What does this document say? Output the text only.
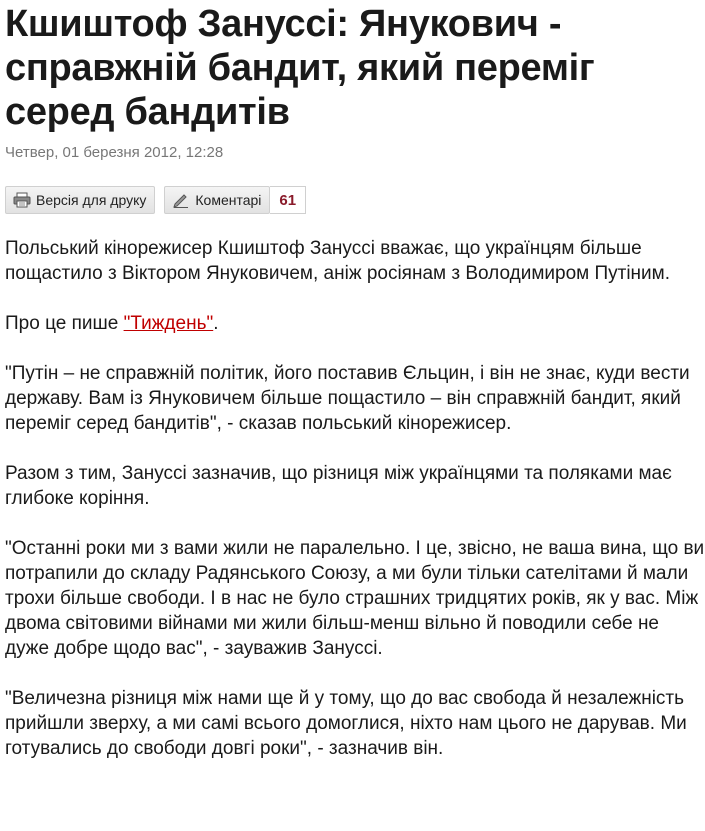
Кшиштоф Зануссі: Янукович - справжній бандит, який переміг серед бандитів
Четвер, 01 березня 2012, 12:28
Версія для друку	Коментарі	61

Польський кінорежисер Кшиштоф Зануссі вважає, що українцям більше пощастило з Віктором Януковичем, аніж росіянам з Володимиром Путіним.

Про це пише "Тиждень".

"Путін – не справжній політик, його поставив Єльцин, і він не знає, куди вести державу. Вам із Януковичем більше пощастило – він справжній бандит, який переміг серед бандитів", - сказав польський кінорежисер.

Разом з тим, Зануссі зазначив, що різниця між українцями та поляками має глибоке коріння.

"Останні роки ми з вами жили не паралельно. І це, звісно, не ваша вина, що ви потрапили до складу Радянського Союзу, а ми були тільки сателітами й мали трохи більше свободи. І в нас не було страшних тридцятих років, як у вас. Між двома світовими війнами ми жили більш-менш вільно й поводили себе не дуже добре щодо вас", - зауважив Зануссі.

"Величезна різниця між нами ще й у тому, що до вас свобода й незалежність прийшли зверху, а ми самі всього домоглися, ніхто нам цього не дарував. Ми готувались до свободи довгі роки", - зазначив він.
